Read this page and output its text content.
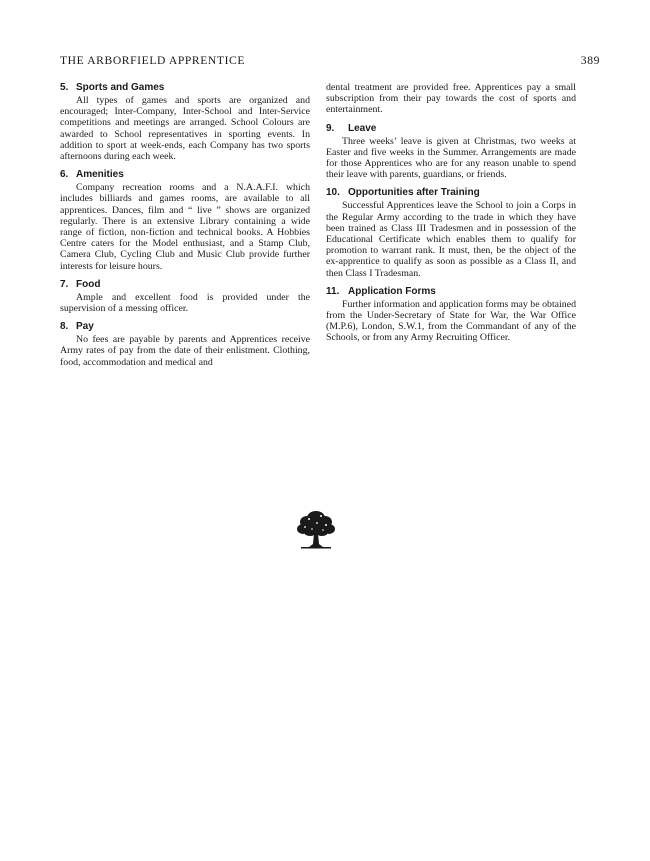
THE ARBORFIELD APPRENTICE	389
5. Sports and Games

All types of games and sports are organized and encouraged; Inter-Company, Inter-School and Inter-Service competitions and meetings are arranged. School Colours are awarded to School representatives in sporting events. In addition to sport at week-ends, each Company has two sports afternoons during each week.

6. Amenities

Company recreation rooms and a N.A.A.F.I. which includes billiards and games rooms, are available to all apprentices. Dances, film and “ live ” shows are organized regularly. There is an extensive Library containing a wide range of fiction, non-fiction and technical books. A Hobbies Centre caters for the Model enthusiast, and a Stamp Club, Camera Club, Cycling Club and Music Club provide further interests for leisure hours.

7. Food

Ample and excellent food is provided under the supervision of a messing officer.

8. Pay

No fees are payable by parents and Apprentices receive Army rates of pay from the date of their enlistment. Clothing, food, accommodation and medical and

dental treatment are provided free. Apprentices pay a small subscription from their pay towards the cost of sports and entertainment.

9. Leave

Three weeks’ leave is given at Christmas, two weeks at Easter and five weeks in the Summer. Arrangements are made for those Apprentices who are for any reason unable to spend their leave with parents, guardians, or friends.

10. Opportunities after Training

Successful Apprentices leave the School to join a Corps in the Regular Army according to the trade in which they have been trained as Class III Tradesmen and in possession of the Educational Certificate which enables them to qualify for promotion to warrant rank. It must, then, be the object of the ex-apprentice to qualify as soon as possible as a Class II, and then Class I Tradesman.

11. Application Forms

Further information and application forms may be obtained from the Under-Secretary of State for War, the War Office (M.P.6), London, S.W.1, from the Commandant of any of the Schools, or from any Army Recruiting Officer.
